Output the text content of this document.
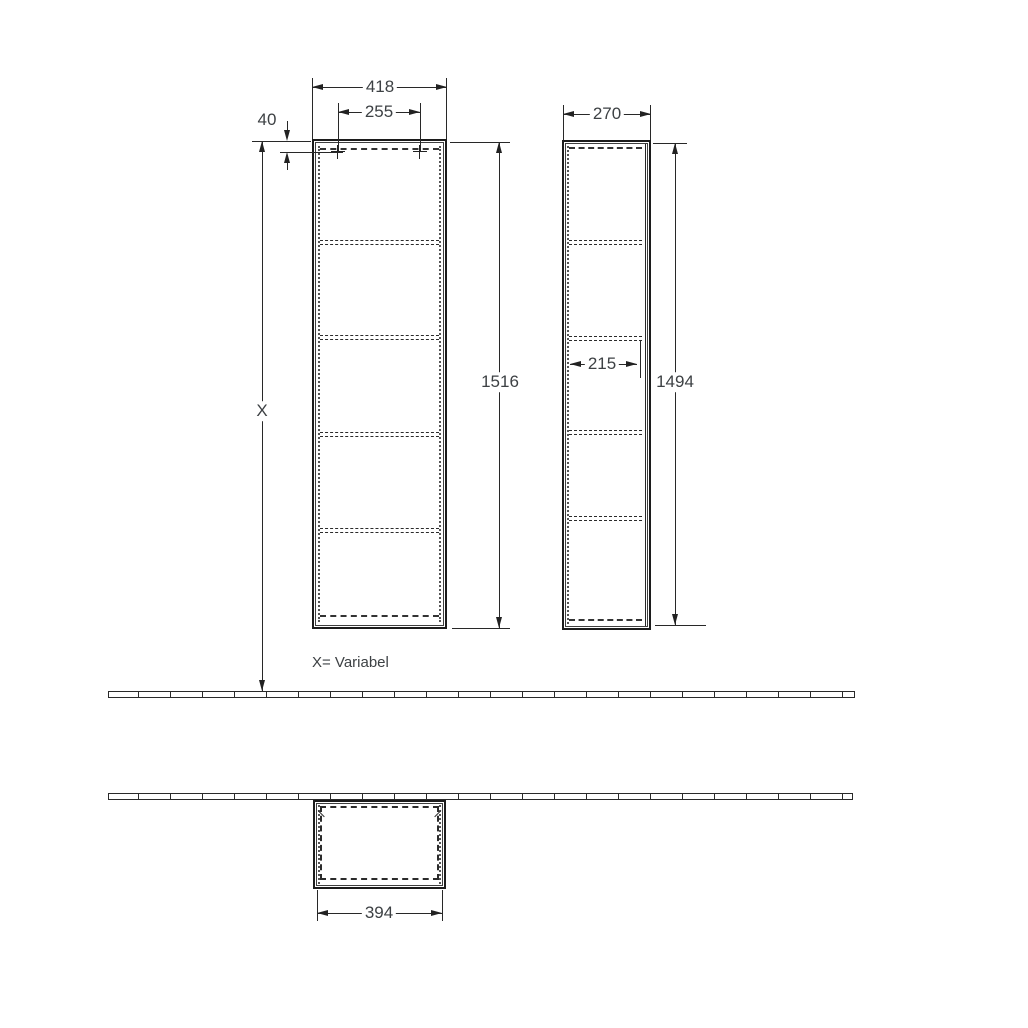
418
255
40
X
1516
270
215
1494
394
X= Variabel
